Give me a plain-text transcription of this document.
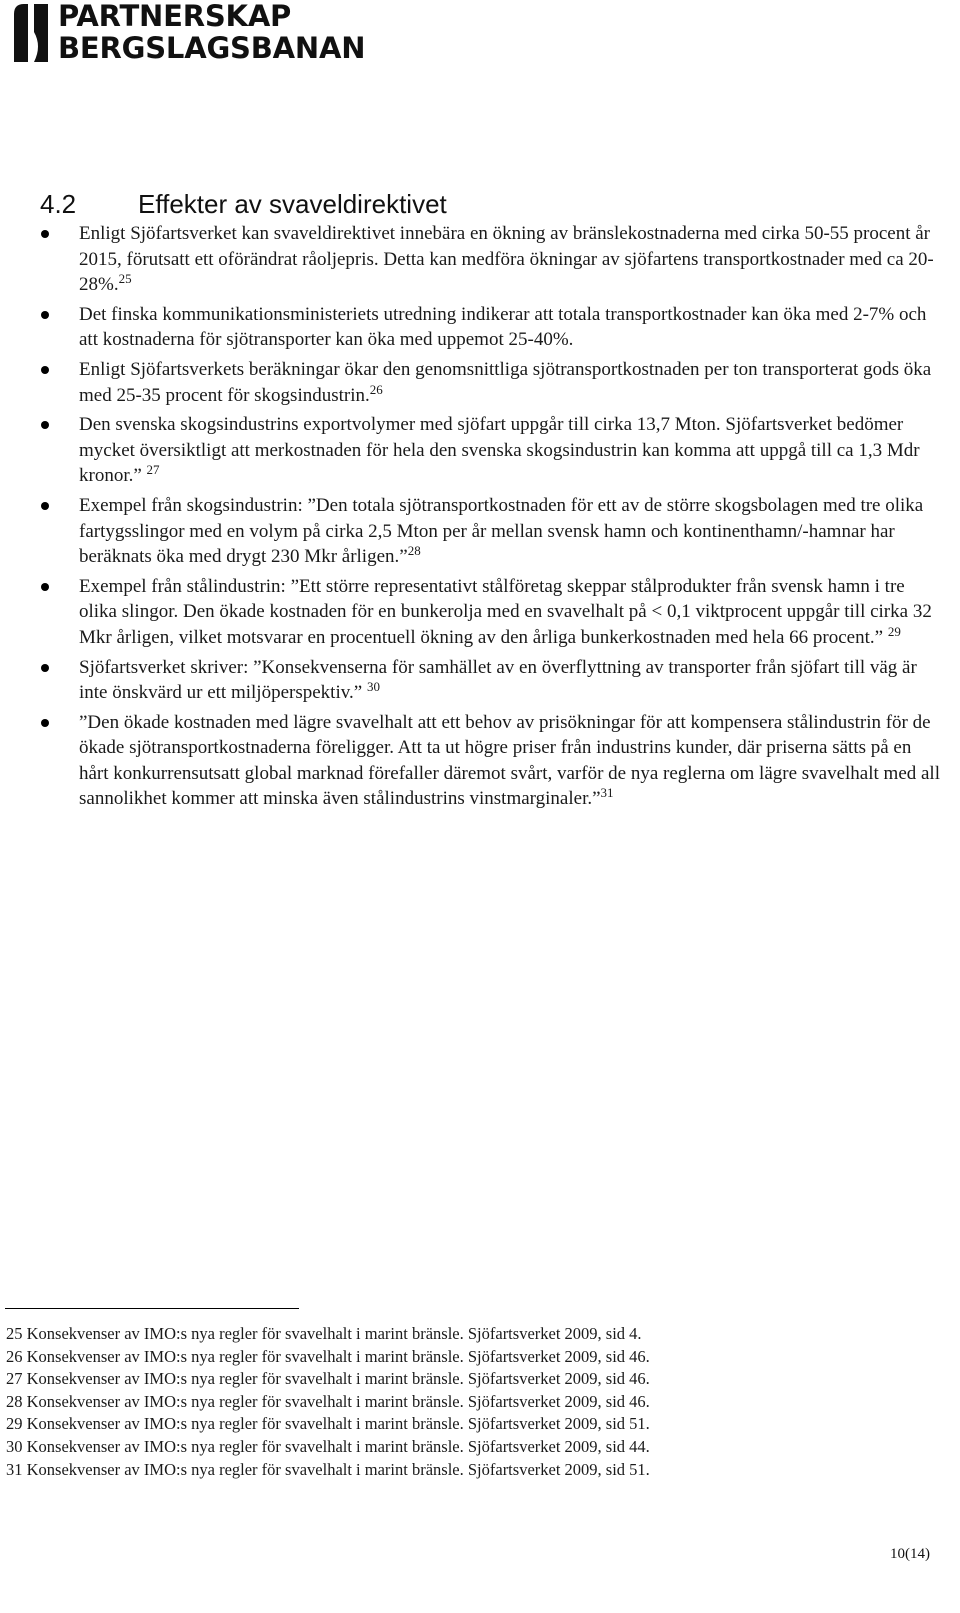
PARTNERSKAP
BERGSLAGSBANAN
4.2 Effekter av svaveldirektivet
Enligt Sjöfartsverket kan svaveldirektivet innebära en ökning av bränslekostnaderna med cirka 50-55 procent år 2015, förutsatt ett oförändrat råoljepris. Detta kan medföra ökningar av sjöfartens transportkostnader med ca 20-28%.$^{25}$
Det finska kommunikationsministeriets utredning indikerar att totala transportkostnader kan öka med 2-7% och att kostnaderna för sjötransporter kan öka med uppemot 25-40%.
Enligt Sjöfartsverkets beräkningar ökar den genomsnittliga sjötransportkostnaden per ton transporterat gods öka med 25-35 procent för skogsindustrin.$^{26}$
Den svenska skogsindustrins exportvolymer med sjöfart uppgår till cirka 13,7 Mton. Sjöfartsverket bedömer mycket översiktligt att merkostnaden för hela den svenska skogsindustrin kan komma att uppgå till ca 1,3 Mdr kronor.” $^{27}$
Exempel från skogsindustrin: ”Den totala sjötransportkostnaden för ett av de större skogsbolagen med tre olika fartygsslingor med en volym på cirka 2,5 Mton per år mellan svensk hamn och kontinenthamn/-hamnar har beräknats öka med drygt 230 Mkr årligen.”$^{28}$
Exempel från stålindustrin: ”Ett större representativt stålföretag skeppar stålprodukter från svensk hamn i tre olika slingor. Den ökade kostnaden för en bunkerolja med en svavelhalt på < 0,1 viktprocent uppgår till cirka 32 Mkr årligen, vilket motsvarar en procentuell ökning av den årliga bunkerkostnaden med hela 66 procent.” $^{29}$
Sjöfartsverket skriver: ”Konsekvenserna för samhället av en överflyttning av transporter från sjöfart till väg är inte önskvärd ur ett miljöperspektiv.” $^{30}$
”Den ökade kostnaden med lägre svavelhalt att ett behov av prisökningar för att kompensera stålindustrin för de ökade sjötransportkostnaderna föreligger. Att ta ut högre priser från industrins kunder, där priserna sätts på en hårt konkurrensutsatt global marknad förefaller däremot svårt, varför de nya reglerna om lägre svavelhalt med all sannolikhet kommer att minska även stålindustrins vinstmarginaler.”$^{31}$
25 Konsekvenser av IMO:s nya regler för svavelhalt i marint bränsle. Sjöfartsverket 2009, sid 4.
26 Konsekvenser av IMO:s nya regler för svavelhalt i marint bränsle. Sjöfartsverket 2009, sid 46.
27 Konsekvenser av IMO:s nya regler för svavelhalt i marint bränsle. Sjöfartsverket 2009, sid 46.
28 Konsekvenser av IMO:s nya regler för svavelhalt i marint bränsle. Sjöfartsverket 2009, sid 46.
29 Konsekvenser av IMO:s nya regler för svavelhalt i marint bränsle. Sjöfartsverket 2009, sid 51.
30 Konsekvenser av IMO:s nya regler för svavelhalt i marint bränsle. Sjöfartsverket 2009, sid 44.
31 Konsekvenser av IMO:s nya regler för svavelhalt i marint bränsle. Sjöfartsverket 2009, sid 51.
10(14)
